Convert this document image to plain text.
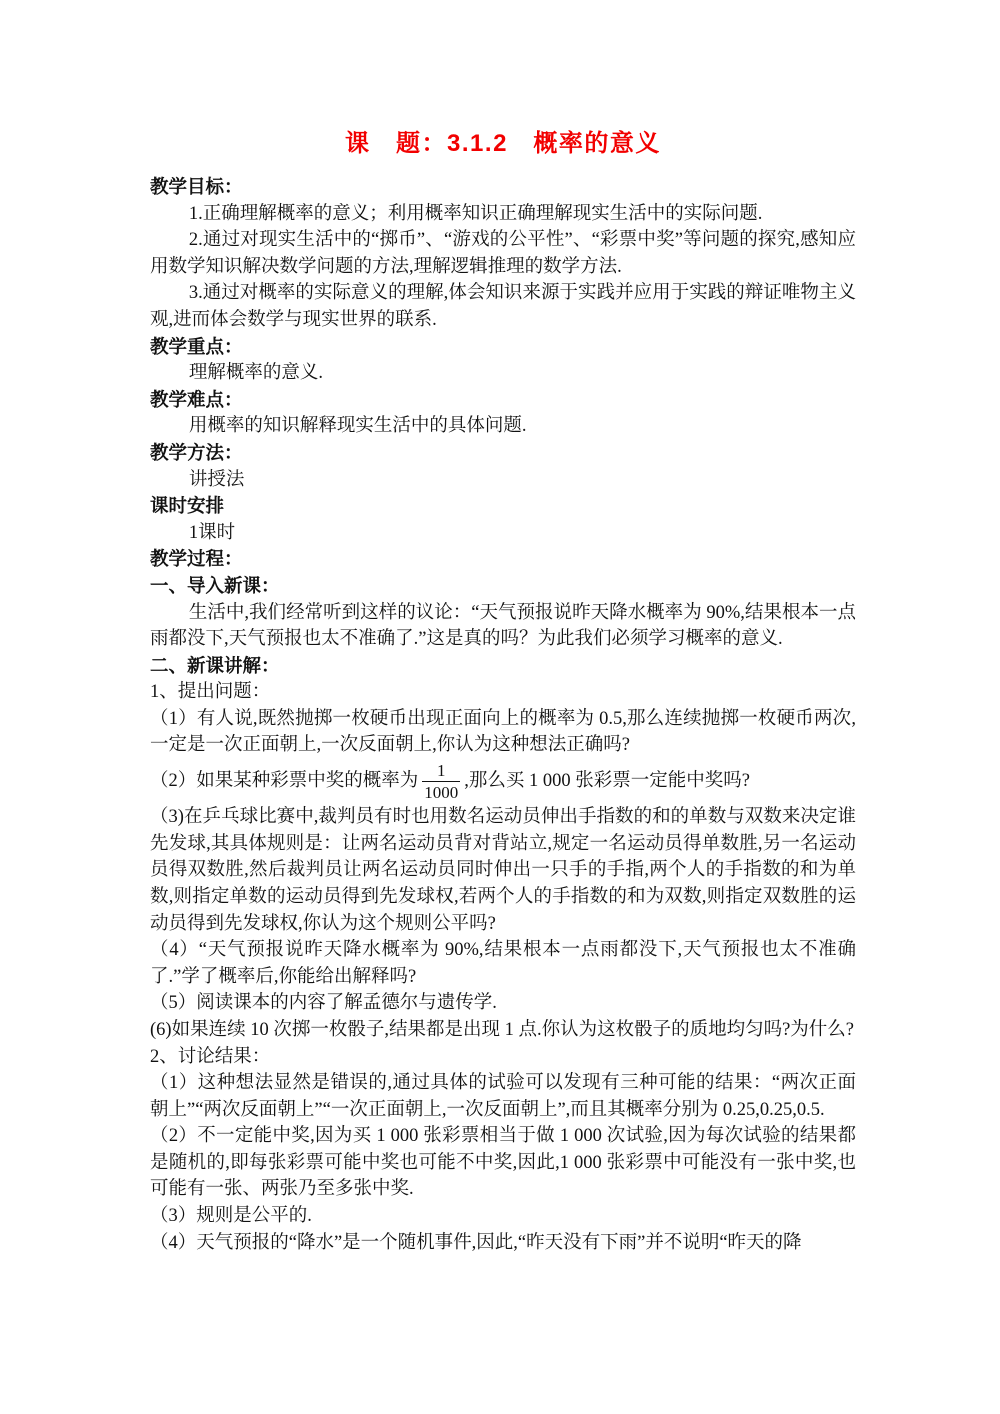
课　题：3.1.2　概率的意义

教学目标：

1.正确理解概率的意义；利用概率知识正确理解现实生活中的实际问题.

2.通过对现实生活中的“掷币”、“游戏的公平性”、“彩票中奖”等问题的探究,感知应用数学知识解决数学问题的方法,理解逻辑推理的数学方法.

3.通过对概率的实际意义的理解,体会知识来源于实践并应用于实践的辩证唯物主义观,进而体会数学与现实世界的联系.

教学重点：

理解概率的意义.

教学难点：

用概率的知识解释现实生活中的具体问题.

教学方法：

讲授法

课时安排

1课时

教学过程：

一、导入新课：

生活中,我们经常听到这样的议论：“天气预报说昨天降水概率为 90%,结果根本一点雨都没下,天气预报也太不准确了.”这是真的吗？为此我们必须学习概率的意义.

二、新课讲解：

1、提出问题：

（1）有人说,既然抛掷一枚硬币出现正面向上的概率为 0.5,那么连续抛掷一枚硬币两次,一定是一次正面朝上,一次反面朝上,你认为这种想法正确吗?

（2）如果某种彩票中奖的概率为 $\frac{1}{1000}$ ,那么买 1 000 张彩票一定能中奖吗?

（3)在乒乓球比赛中,裁判员有时也用数名运动员伸出手指数的和的单数与双数来决定谁先发球,其具体规则是：让两名运动员背对背站立,规定一名运动员得单数胜,另一名运动员得双数胜,然后裁判员让两名运动员同时伸出一只手的手指,两个人的手指数的和为单数,则指定单数的运动员得到先发球权,若两个人的手指数的和为双数,则指定双数胜的运动员得到先发球权,你认为这个规则公平吗?

（4）“天气预报说昨天降水概率为 90%,结果根本一点雨都没下,天气预报也太不准确了.”学了概率后,你能给出解释吗?

（5）阅读课本的内容了解孟德尔与遗传学.

(6)如果连续 10 次掷一枚骰子,结果都是出现 1 点.你认为这枚骰子的质地均匀吗?为什么?

2、讨论结果：

（1）这种想法显然是错误的,通过具体的试验可以发现有三种可能的结果：“两次正面朝上”“两次反面朝上”“一次正面朝上,一次反面朝上”,而且其概率分别为 0.25,0.25,0.5.

（2）不一定能中奖,因为买 1 000 张彩票相当于做 1 000 次试验,因为每次试验的结果都是随机的,即每张彩票可能中奖也可能不中奖,因此,1 000 张彩票中可能没有一张中奖,也可能有一张、两张乃至多张中奖.

（3）规则是公平的.

（4）天气预报的“降水”是一个随机事件,因此,“昨天没有下雨”并不说明“昨天的降
